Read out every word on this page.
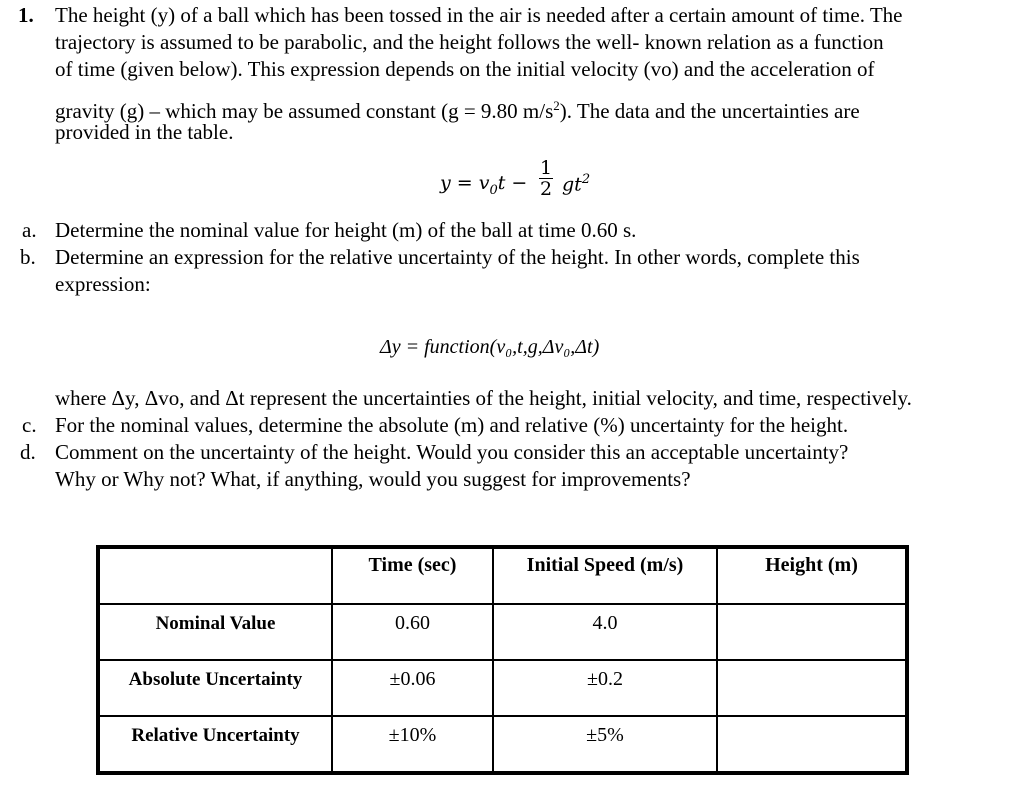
1. The height (y) of a ball which has been tossed in the air is needed after a certain amount of time. The
trajectory is assumed to be parabolic, and the height follows the well- known relation as a function
of time (given below). This expression depends on the initial velocity (vo) and the acceleration of
gravity (g) – which may be assumed constant (g = 9.80 $m/s^2$). The data and the uncertainties are
provided in the table.
$y = v_0t - \frac{1}{2} gt^2$
a. Determine the nominal value for height (m) of the ball at time 0.60 s.
b. Determine an expression for the relative uncertainty of the height. In other words, complete this
expression:
Δy = function(v₀,t,g,Δv₀,Δt)
where Δy, Δvo, and Δt represent the uncertainties of the height, initial velocity, and time, respectively.
c. For the nominal values, determine the absolute (m) and relative (%) uncertainty for the height.
d. Comment on the uncertainty of the height. Would you consider this an acceptable uncertainty?
Why or Why not? What, if anything, would you suggest for improvements?
	Time (sec)	Initial Speed (m/s)	Height (m)
Nominal Value	0.60	4.0	
Absolute Uncertainty	±0.06	±0.2	
Relative Uncertainty	±10%	±5%	
